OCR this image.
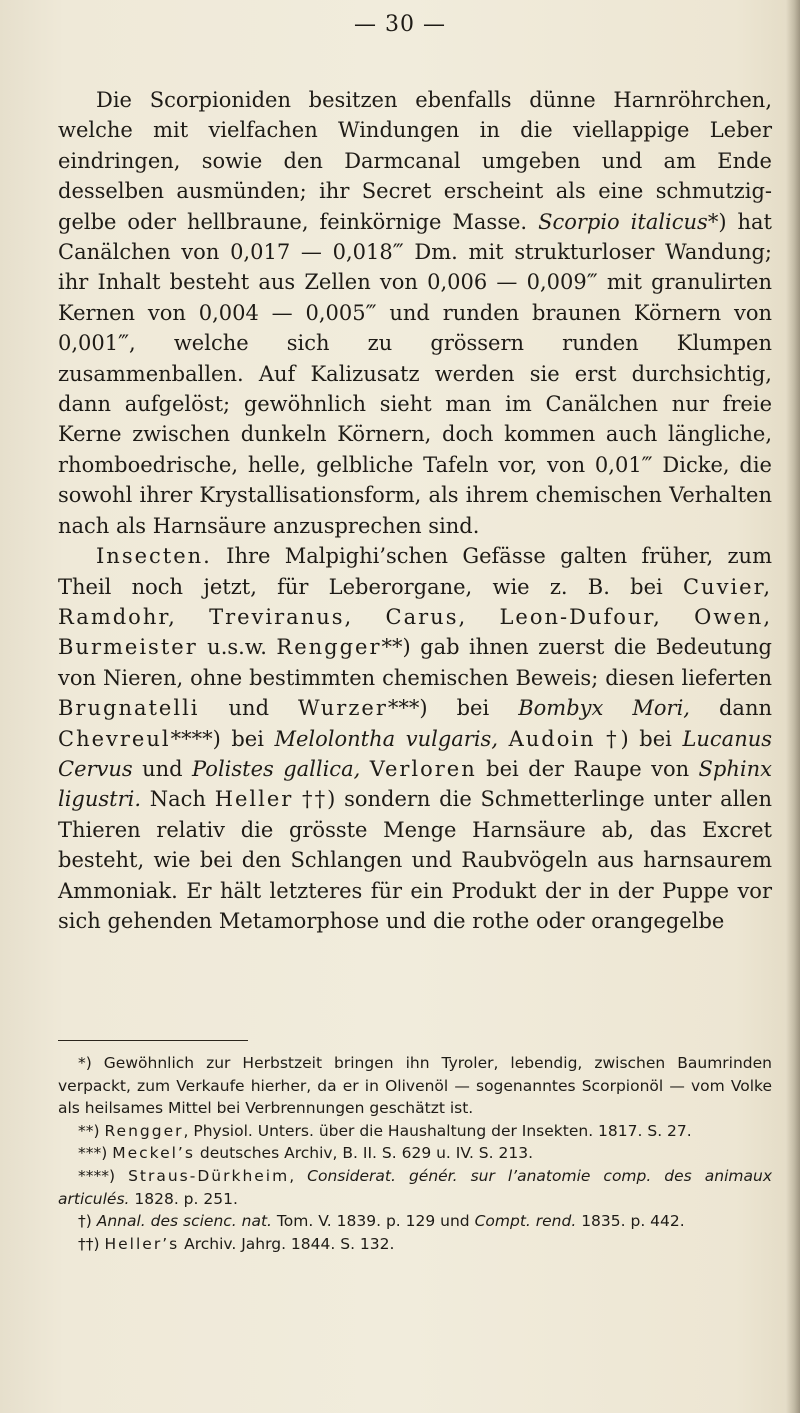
— 30 —

Die Scorpioniden besitzen ebenfalls dünne Harnröhrchen, welche mit vielfachen Windungen in die viellappige Leber eindringen, sowie den Darmcanal umgeben und am Ende desselben ausmünden; ihr Secret erscheint als eine schmutzig-gelbe oder hellbraune, feinkörnige Masse. Scorpio italicus*) hat Canälchen von 0,017 — 0,018‴ Dm. mit strukturloser Wandung; ihr Inhalt besteht aus Zellen von 0,006 — 0,009‴ mit granulirten Kernen von 0,004 — 0,005‴ und runden braunen Körnern von 0,001‴, welche sich zu grössern runden Klumpen zusammenballen. Auf Kalizusatz werden sie erst durchsichtig, dann aufgelöst; gewöhnlich sieht man im Canälchen nur freie Kerne zwischen dunkeln Körnern, doch kommen auch längliche, rhomboedrische, helle, gelbliche Tafeln vor, von 0,01‴ Dicke, die sowohl ihrer Krystallisationsform, als ihrem chemischen Verhalten nach als Harnsäure anzusprechen sind.

Insecten. Ihre Malpighi’schen Gefässe galten früher, zum Theil noch jetzt, für Leberorgane, wie z. B. bei Cuvier, Ramdohr, Treviranus, Carus, Leon-Dufour, Owen, Burmeister u.s.w. Rengger**) gab ihnen zuerst die Bedeutung von Nieren, ohne bestimmten chemischen Beweis; diesen lieferten Brugnatelli und Wurzer***) bei Bombyx Mori, dann Chevreul****) bei Melolontha vulgaris, Audoin †) bei Lucanus Cervus und Polistes gallica, Verloren bei der Raupe von Sphinx ligustri. Nach Heller ††) sondern die Schmetterlinge unter allen Thieren relativ die grösste Menge Harnsäure ab, das Excret besteht, wie bei den Schlangen und Raubvögeln aus harnsaurem Ammoniak. Er hält letzteres für ein Produkt der in der Puppe vor sich gehenden Metamorphose und die rothe oder orangegelbe

*) Gewöhnlich zur Herbstzeit bringen ihn Tyroler, lebendig, zwischen Baumrinden verpackt, zum Verkaufe hierher, da er in Olivenöl — sogenanntes Scorpionöl — vom Volke als heilsames Mittel bei Verbrennungen geschätzt ist.

**) Rengger, Physiol. Unters. über die Haushaltung der Insekten. 1817. S. 27.

***) Meckel’s deutsches Archiv, B. II. S. 629 u. IV. S. 213.

****) Straus-Dürkheim, Considerat. génér. sur l’anatomie comp. des animaux articulés. 1828. p. 251.

†) Annal. des scienc. nat. Tom. V. 1839. p. 129 und Compt. rend. 1835. p. 442.

††) Heller’s Archiv. Jahrg. 1844. S. 132.
